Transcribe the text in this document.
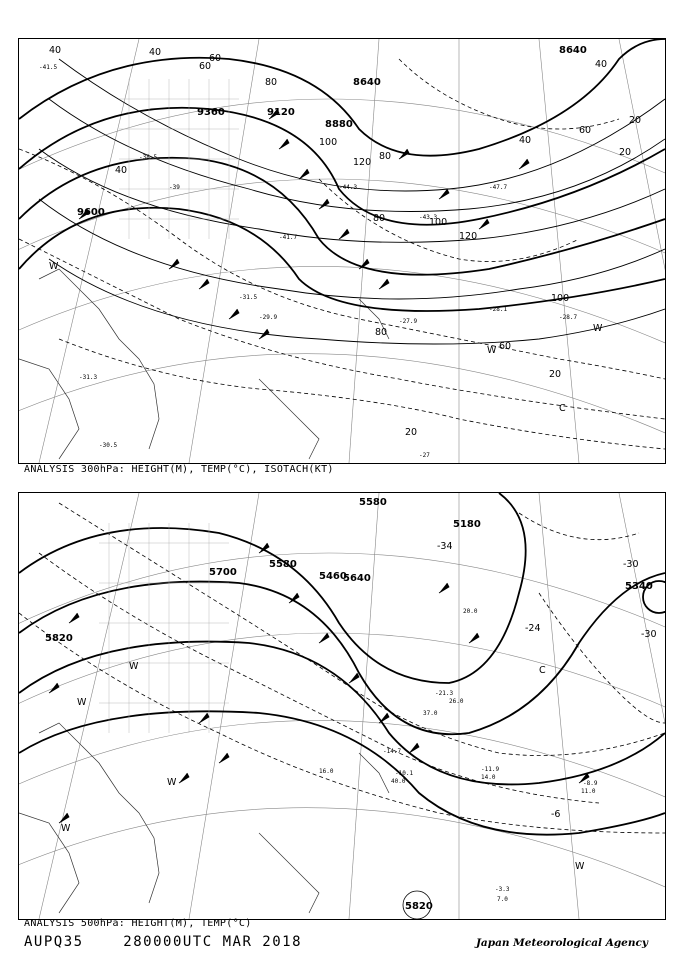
8640
8640
8880
9120
9360
9600
-41.5
-39	-44.3
-38.5
-43.3
-47.7
-41.7
-31.5
-29.9
-28.1
-28.7
-27.9
-27
-30.5
-31.3
40	40
60
80
100
120
40
60
80
100
120
20
20
40
60
100
80
80
60
40
20
20
W
W
W
C
ANALYSIS 300hPa: HEIGHT(M), TEMP(°C), ISOTACH(KT)
5180
5340
5460
5580
5580
5640
5700
5820
5820
-30
-30
-24
-34
-6
-21.3
-14.7
-10.1
-11.9
-8.9
-3.3
40.0
14.0
11.0
7.0
16.0
37.0
20.0
26.0
W
W
W
W
W	C
ANALYSIS 500hPa: HEIGHT(M), TEMP(°C)
AUPQ35	280000UTC MAR 2018	Japan Meteorological Agency
